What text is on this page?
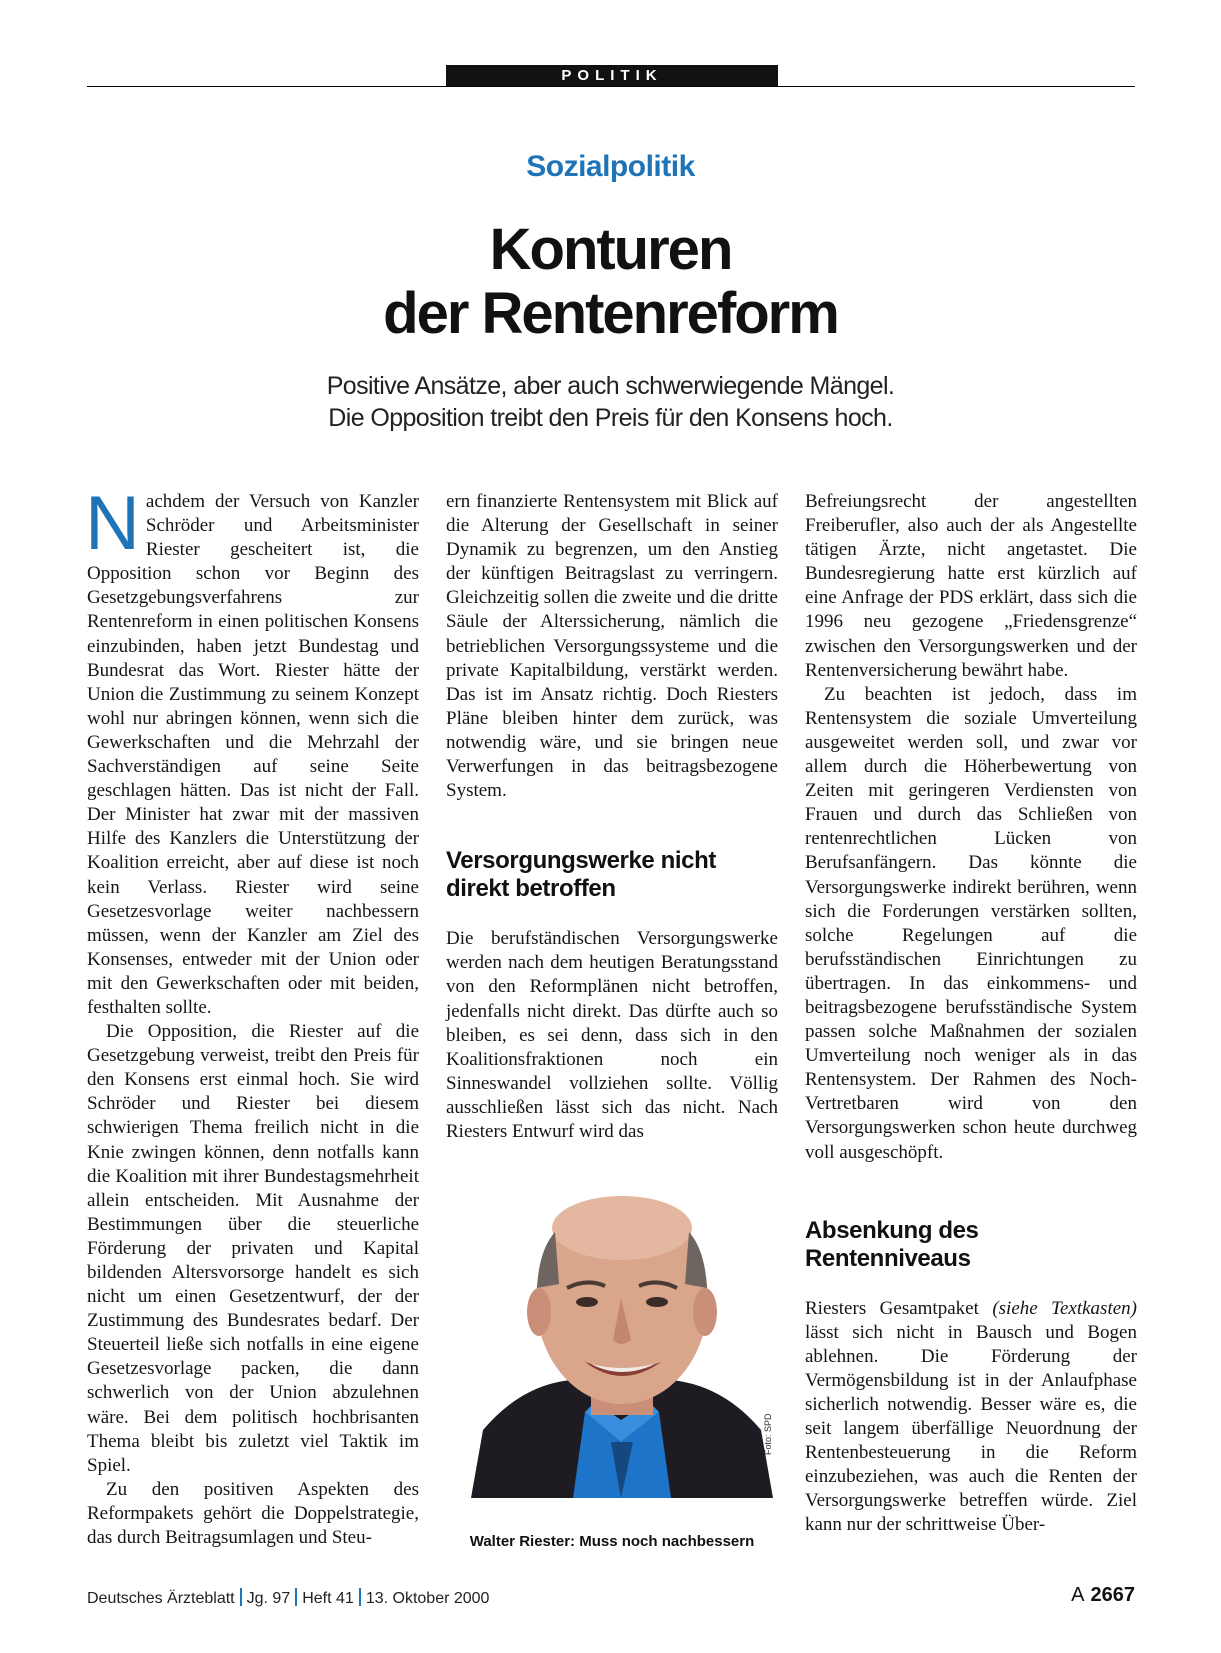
POLITIK
Sozialpolitik
Konturen
der Rentenreform
Positive Ansätze, aber auch schwerwiegende Mängel.
Die Opposition treibt den Preis für den Konsens hoch.

Nachdem der Versuch von Kanzler Schröder und Arbeitsminister Riester gescheitert ist, die Opposition schon vor Beginn des Gesetzgebungsverfahrens zur Rentenreform in einen politischen Konsens einzubinden, haben jetzt Bundestag und Bundesrat das Wort. Riester hätte der Union die Zustimmung zu seinem Konzept wohl nur abringen können, wenn sich die Gewerkschaften und die Mehrzahl der Sachverständigen auf seine Seite geschlagen hätten. Das ist nicht der Fall. Der Minister hat zwar mit der massiven Hilfe des Kanzlers die Unterstützung der Koalition erreicht, aber auf diese ist noch kein Verlass. Riester wird seine Gesetzesvorlage weiter nachbessern müssen, wenn der Kanzler am Ziel des Konsenses, entweder mit der Union oder mit den Gewerkschaften oder mit beiden, festhalten sollte.

Die Opposition, die Riester auf die Gesetzgebung verweist, treibt den Preis für den Konsens erst einmal hoch. Sie wird Schröder und Riester bei diesem schwierigen Thema freilich nicht in die Knie zwingen können, denn notfalls kann die Koalition mit ihrer Bundestagsmehrheit allein entscheiden. Mit Ausnahme der Bestimmungen über die steuerliche Förderung der privaten und Kapital bildenden Altersvorsorge handelt es sich nicht um einen Gesetzentwurf, der der Zustimmung des Bundesrates bedarf. Der Steuerteil ließe sich notfalls in eine eigene Gesetzesvorlage packen, die dann schwerlich von der Union abzulehnen wäre. Bei dem politisch hochbrisanten Thema bleibt bis zuletzt viel Taktik im Spiel.

Zu den positiven Aspekten des Reformpakets gehört die Doppelstrategie, das durch Beitragsumlagen und Steu-

ern finanzierte Rentensystem mit Blick auf die Alterung der Gesellschaft in seiner Dynamik zu begrenzen, um den Anstieg der künftigen Beitragslast zu verringern. Gleichzeitig sollen die zweite und die dritte Säule der Alterssicherung, nämlich die betrieblichen Versorgungssysteme und die private Kapitalbildung, verstärkt werden. Das ist im Ansatz richtig. Doch Riesters Pläne bleiben hinter dem zurück, was notwendig wäre, und sie bringen neue Verwerfungen in das beitragsbezogene System.

Versorgungswerke nicht direkt betroffen

Die berufständischen Versorgungswerke werden nach dem heutigen Beratungsstand von den Reformplänen nicht betroffen, jedenfalls nicht direkt. Das dürfte auch so bleiben, es sei denn, dass sich in den Koalitionsfraktionen noch ein Sinneswandel vollziehen sollte. Völlig ausschließen lässt sich das nicht. Nach Riesters Entwurf wird das

Foto: SPD
Walter Riester: Muss noch nachbessern

Befreiungsrecht der angestellten Freiberufler, also auch der als Angestellte tätigen Ärzte, nicht angetastet. Die Bundesregierung hatte erst kürzlich auf eine Anfrage der PDS erklärt, dass sich die 1996 neu gezogene „Friedensgrenze“ zwischen den Versorgungswerken und der Rentenversicherung bewährt habe.

Zu beachten ist jedoch, dass im Rentensystem die soziale Umverteilung ausgeweitet werden soll, und zwar vor allem durch die Höherbewertung von Zeiten mit geringeren Verdiensten von Frauen und durch das Schließen von rentenrechtlichen Lücken von Berufsanfängern. Das könnte die Versorgungswerke indirekt berühren, wenn sich die Forderungen verstärken sollten, solche Regelungen auf die berufsständischen Einrichtungen zu übertragen. In das einkommens- und beitragsbezogene berufsständische System passen solche Maßnahmen der sozialen Umverteilung noch weniger als in das Rentensystem. Der Rahmen des Noch-Vertretbaren wird von den Versorgungswerken schon heute durchweg voll ausgeschöpft.

Absenkung des Rentenniveaus

Riesters Gesamtpaket (siehe Textkasten) lässt sich nicht in Bausch und Bogen ablehnen. Die Förderung der Vermögensbildung ist in der Anlaufphase sicherlich notwendig. Besser wäre es, die seit langem überfällige Neuordnung der Rentenbesteuerung in die Reform einzubeziehen, was auch die Renten der Versorgungswerke betreffen würde. Ziel kann nur der schrittweise Über-

Deutsches Ärzteblatt Jg. 97 Heft 41 13. Oktober 2000	A 2667
